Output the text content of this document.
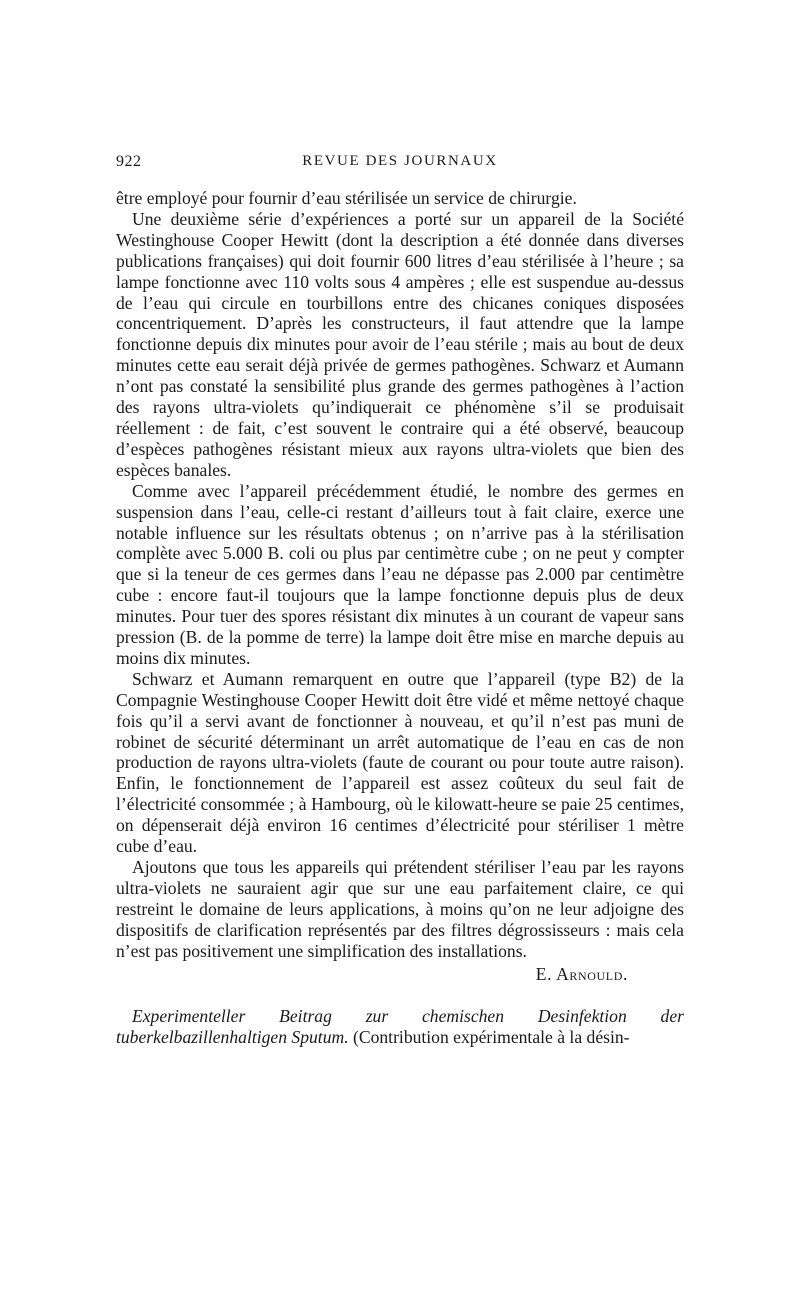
922	REVUE DES JOURNAUX

être employé pour fournir d’eau stérilisée un service de chirurgie.

Une deuxième série d’expériences a porté sur un appareil de la Société Westinghouse Cooper Hewitt (dont la description a été donnée dans diverses publications françaises) qui doit fournir 600 litres d’eau stérilisée à l’heure ; sa lampe fonctionne avec 110 volts sous 4 ampères ; elle est suspendue au-dessus de l’eau qui circule en tourbillons entre des chicanes coniques disposées concentriquement. D’après les constructeurs, il faut attendre que la lampe fonctionne depuis dix minutes pour avoir de l’eau stérile ; mais au bout de deux minutes cette eau serait déjà privée de germes pathogènes. Schwarz et Aumann n’ont pas constaté la sensibilité plus grande des germes pathogènes à l’action des rayons ultra-violets qu’indiquerait ce phénomène s’il se produisait réellement : de fait, c’est souvent le contraire qui a été observé, beaucoup d’espèces pathogènes résistant mieux aux rayons ultra-violets que bien des espèces banales.

Comme avec l’appareil précédemment étudié, le nombre des germes en suspension dans l’eau, celle-ci restant d’ailleurs tout à fait claire, exerce une notable influence sur les résultats obtenus ; on n’arrive pas à la stérilisation complète avec 5.000 B. coli ou plus par centimètre cube ; on ne peut y compter que si la teneur de ces germes dans l’eau ne dépasse pas 2.000 par centimètre cube : encore faut-il toujours que la lampe fonctionne depuis plus de deux minutes. Pour tuer des spores résistant dix minutes à un courant de vapeur sans pression (B. de la pomme de terre) la lampe doit être mise en marche depuis au moins dix minutes.

Schwarz et Aumann remarquent en outre que l’appareil (type B2) de la Compagnie Westinghouse Cooper Hewitt doit être vidé et même nettoyé chaque fois qu’il a servi avant de fonctionner à nouveau, et qu’il n’est pas muni de robinet de sécurité déterminant un arrêt automatique de l’eau en cas de non production de rayons ultra-violets (faute de courant ou pour toute autre raison). Enfin, le fonctionnement de l’appareil est assez coûteux du seul fait de l’électricité consommée ; à Hambourg, où le kilowatt-heure se paie 25 centimes, on dépenserait déjà environ 16 centimes d’électricité pour stériliser 1 mètre cube d’eau.

Ajoutons que tous les appareils qui prétendent stériliser l’eau par les rayons ultra-violets ne sauraient agir que sur une eau parfaitement claire, ce qui restreint le domaine de leurs applications, à moins qu’on ne leur adjoigne des dispositifs de clarification représentés par des filtres dégrossisseurs : mais cela n’est pas positivement une simplification des installations.

E. Arnould.

Experimenteller Beitrag zur chemischen Desinfektion der tuberkelbazillenhaltigen Sputum. (Contribution expérimentale à la désin-
